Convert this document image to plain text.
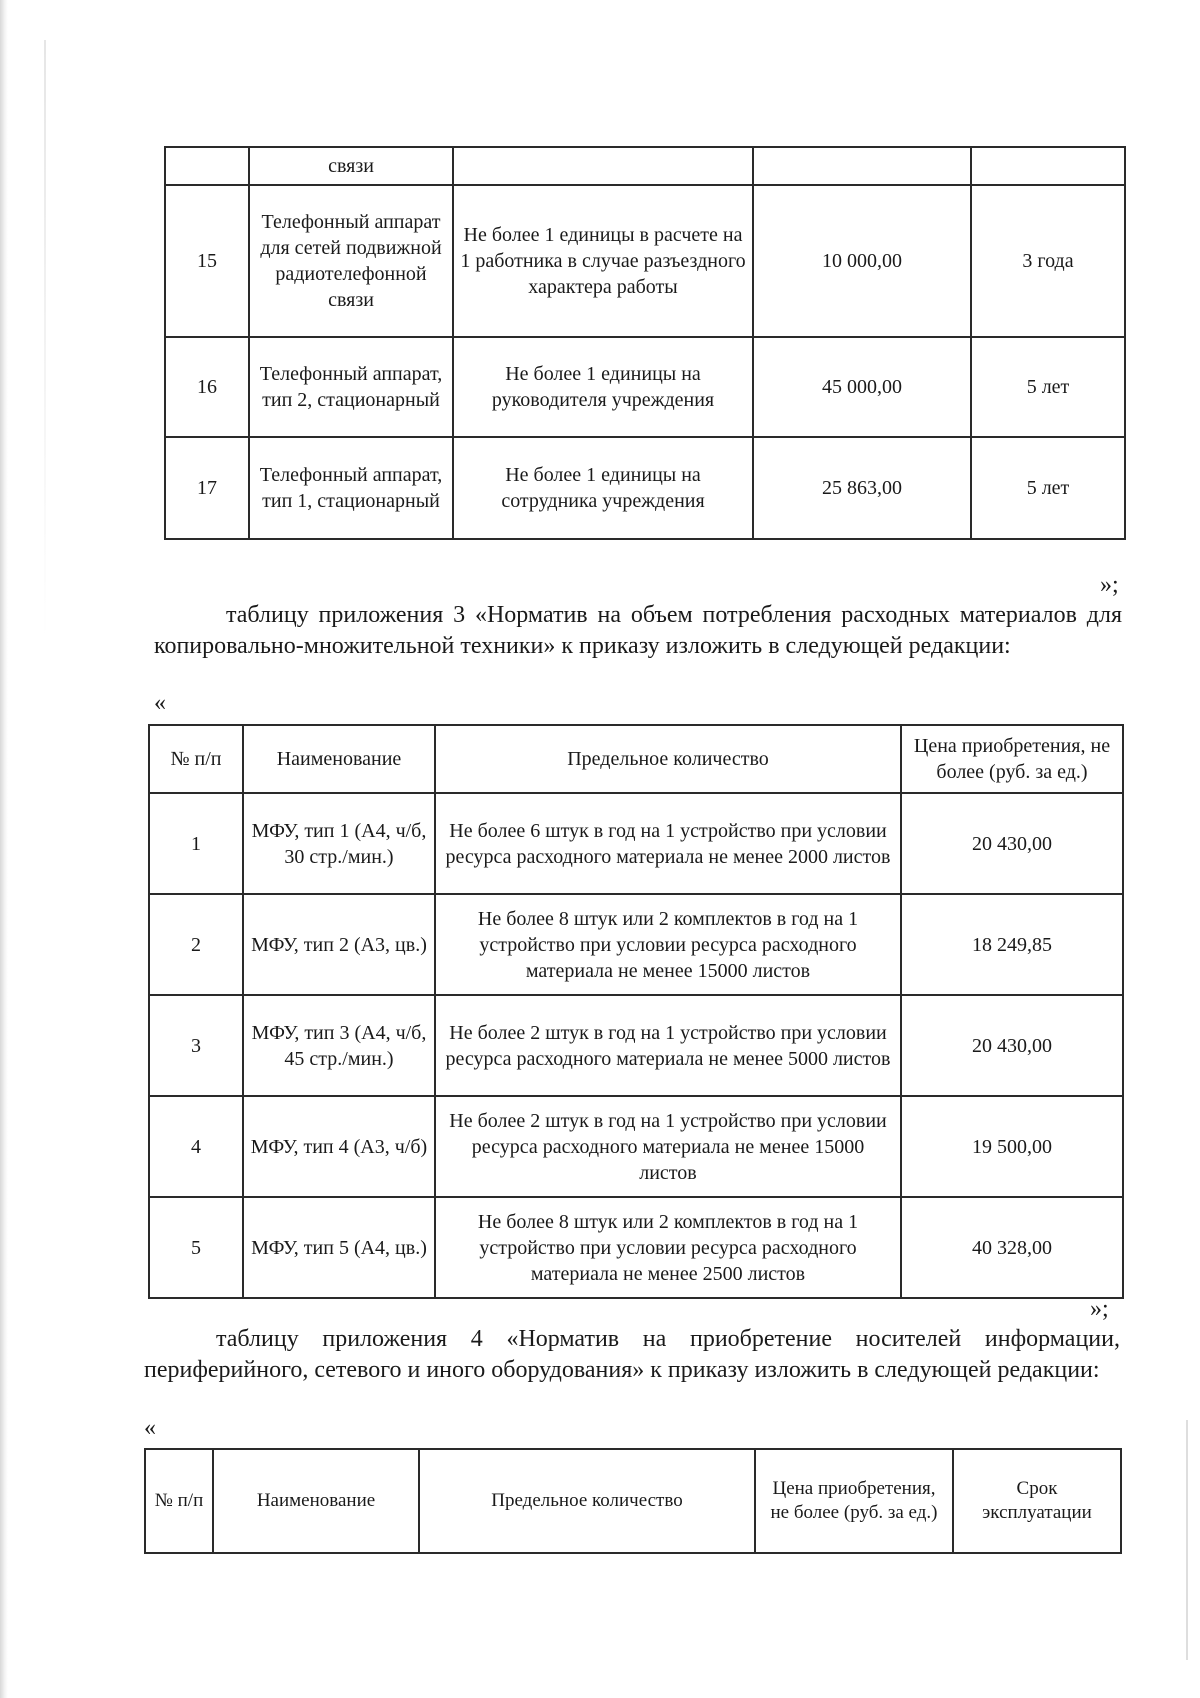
	связи			
15	Телефонный аппарат для сетей подвижной радиотелефонной связи	Не более 1 единицы в расчете на 1 работника в случае разъездного характера работы	10 000,00	3 года
16	Телефонный аппарат, тип 2, стационарный	Не более 1 единицы на руководителя учреждения	45 000,00	5 лет
17	Телефонный аппарат, тип 1, стационарный	Не более 1 единицы на сотрудника учреждения	25 863,00	5 лет
»;

таблицу приложения 3 «Норматив на объем потребления расходных материалов для копировально-множительной техники» к приказу изложить в следующей редакции:

«
№ п/п	Наименование	Предельное количество	Цена приобретения, не более (руб. за ед.)
1	МФУ, тип 1 (А4, ч/б, 30 стр./мин.)	Не более 6 штук в год на 1 устройство при условии ресурса расходного материала не менее 2000 листов	20 430,00
2	МФУ, тип 2 (А3, цв.)	Не более 8 штук или 2 комплектов в год на 1 устройство при условии ресурса расходного материала не менее 15000 листов	18 249,85
3	МФУ, тип 3 (А4, ч/б, 45 стр./мин.)	Не более 2 штук в год на 1 устройство при условии ресурса расходного материала не менее 5000 листов	20 430,00
4	МФУ, тип 4 (А3, ч/б)	Не более 2 штук в год на 1 устройство при условии ресурса расходного материала не менее 15000 листов	19 500,00
5	МФУ, тип 5 (А4, цв.)	Не более 8 штук или 2 комплектов в год на 1 устройство при условии ресурса расходного материала не менее 2500 листов	40 328,00
»;

таблицу приложения 4 «Норматив на приобретение носителей информации, периферийного, сетевого и иного оборудования» к приказу изложить в следующей редакции:

«
№ п/п	Наименование	Предельное количество	Цена приобретения, не более (руб. за ед.)	Срок эксплуатации
